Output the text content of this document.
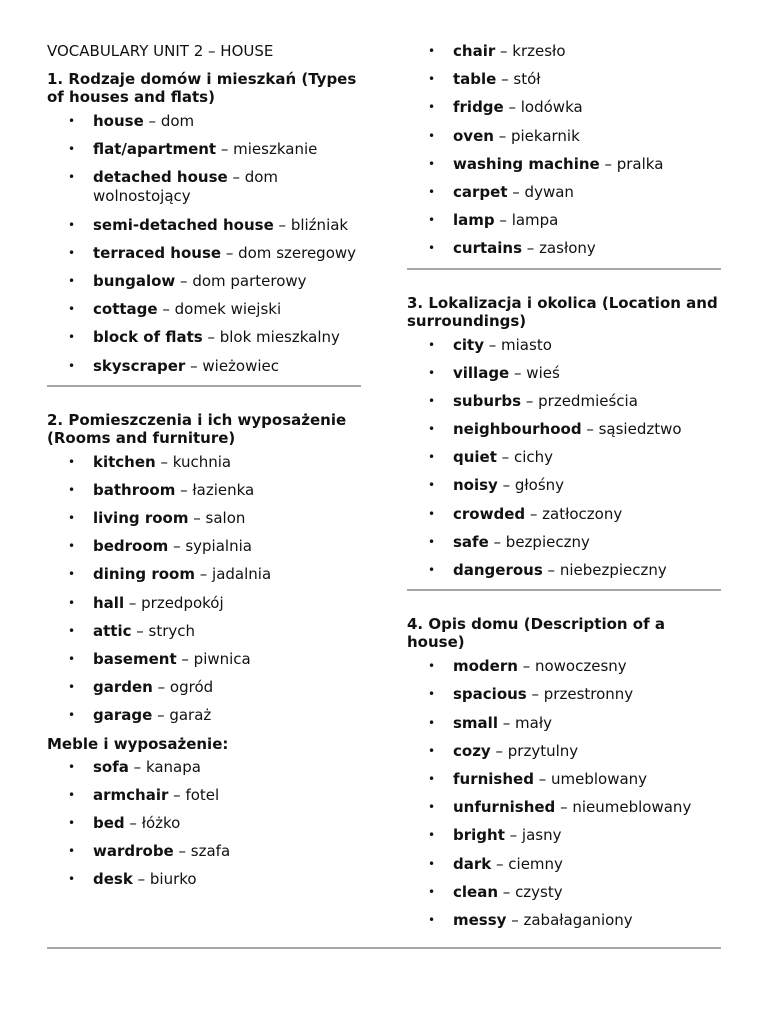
VOCABULARY UNIT 2 – HOUSE
1. Rodzaje domów i mieszkań (Types of houses and flats)
• house – dom
• flat/apartment – mieszkanie
• detached house – dom wolnostojący
• semi-detached house – bliźniak
• terraced house – dom szeregowy
• bungalow – dom parterowy
• cottage – domek wiejski
• block of flats – blok mieszkalny
• skyscraper – wieżowiec
2. Pomieszczenia i ich wyposażenie (Rooms and furniture)
• kitchen – kuchnia
• bathroom – łazienka
• living room – salon
• bedroom – sypialnia
• dining room – jadalnia
• hall – przedpokój
• attic – strych
• basement – piwnica
• garden – ogród
• garage – garaż
Meble i wyposażenie:
• sofa – kanapa
• armchair – fotel
• bed – łóżko
• wardrobe – szafa
• desk – biurko
• chair – krzesło
• table – stół
• fridge – lodówka
• oven – piekarnik
• washing machine – pralka
• carpet – dywan
• lamp – lampa
• curtains – zasłony
3. Lokalizacja i okolica (Location and surroundings)
• city – miasto
• village – wieś
• suburbs – przedmieścia
• neighbourhood – sąsiedztwo
• quiet – cichy
• noisy – głośny
• crowded – zatłoczony
• safe – bezpieczny
• dangerous – niebezpieczny
4. Opis domu (Description of a house)
• modern – nowoczesny
• spacious – przestronny
• small – mały
• cozy – przytulny
• furnished – umeblowany
• unfurnished – nieumeblowany
• bright – jasny
• dark – ciemny
• clean – czysty
• messy – zabałaganiony
